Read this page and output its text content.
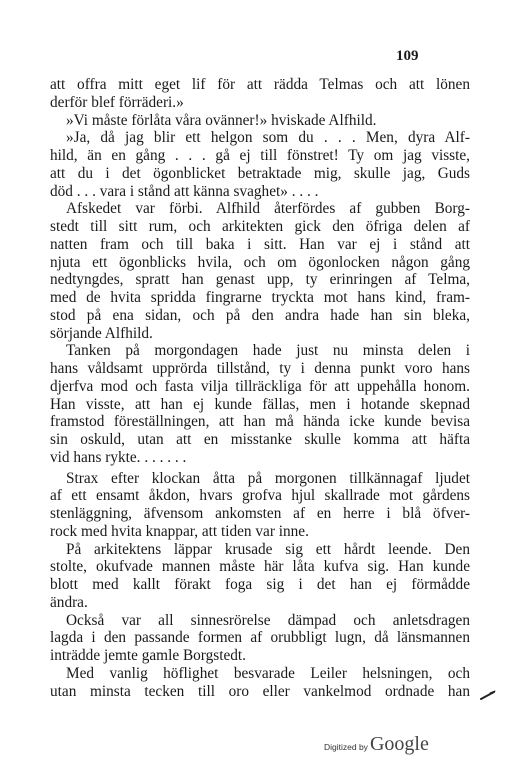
109
att offra mitt eget lif för att rädda Telmas och att lönen
derför blef förräderi.»
»Vi måste förlåta våra ovänner!» hviskade Alfhild.
»Ja, då jag blir ett helgon som du . . . Men, dyra Alf-
hild, än en gång . . . gå ej till fönstret! Ty om jag visste,
att du i det ögonblicket betraktade mig, skulle jag, Guds
död . . . vara i stånd att känna svaghet» . . . .
Afskedet var förbi. Alfhild återfördes af gubben Borg-
stedt till sitt rum, och arkitekten gick den öfriga delen af
natten fram och till baka i sitt. Han var ej i stånd att
njuta ett ögonblicks hvila, och om ögonlocken någon gång
nedtyngdes, spratt han genast upp, ty erinringen af Telma,
med de hvita spridda fingrarne tryckta mot hans kind, fram-
stod på ena sidan, och på den andra hade han sin bleka,
sörjande Alfhild.
Tanken på morgondagen hade just nu minsta delen i
hans våldsamt upprörda tillstånd, ty i denna punkt voro hans
djerfva mod och fasta vilja tillräckliga för att uppehålla honom.
Han visste, att han ej kunde fällas, men i hotande skepnad
framstod föreställningen, att han må hända icke kunde bevisa
sin oskuld, utan att en misstanke skulle komma att häfta
vid hans rykte. . . . . . .
Strax efter klockan åtta på morgonen tillkännagaf ljudet
af ett ensamt åkdon, hvars grofva hjul skallrade mot gårdens
stenläggning, äfvensom ankomsten af en herre i blå öfver-
rock med hvita knappar, att tiden var inne.
På arkitektens läppar krusade sig ett hårdt leende. Den
stolte, okufvade mannen måste här låta kufva sig. Han kunde
blott med kallt förakt foga sig i det han ej förmådde
ändra.
Också var all sinnesrörelse dämpad och anletsdragen
lagda i den passande formen af orubbligt lugn, då länsmannen
inträdde jemte gamle Borgstedt.
Med vanlig höflighet besvarade Leiler helsningen, och
utan minsta tecken till oro eller vankelmod ordnade han
Digitized by Google
